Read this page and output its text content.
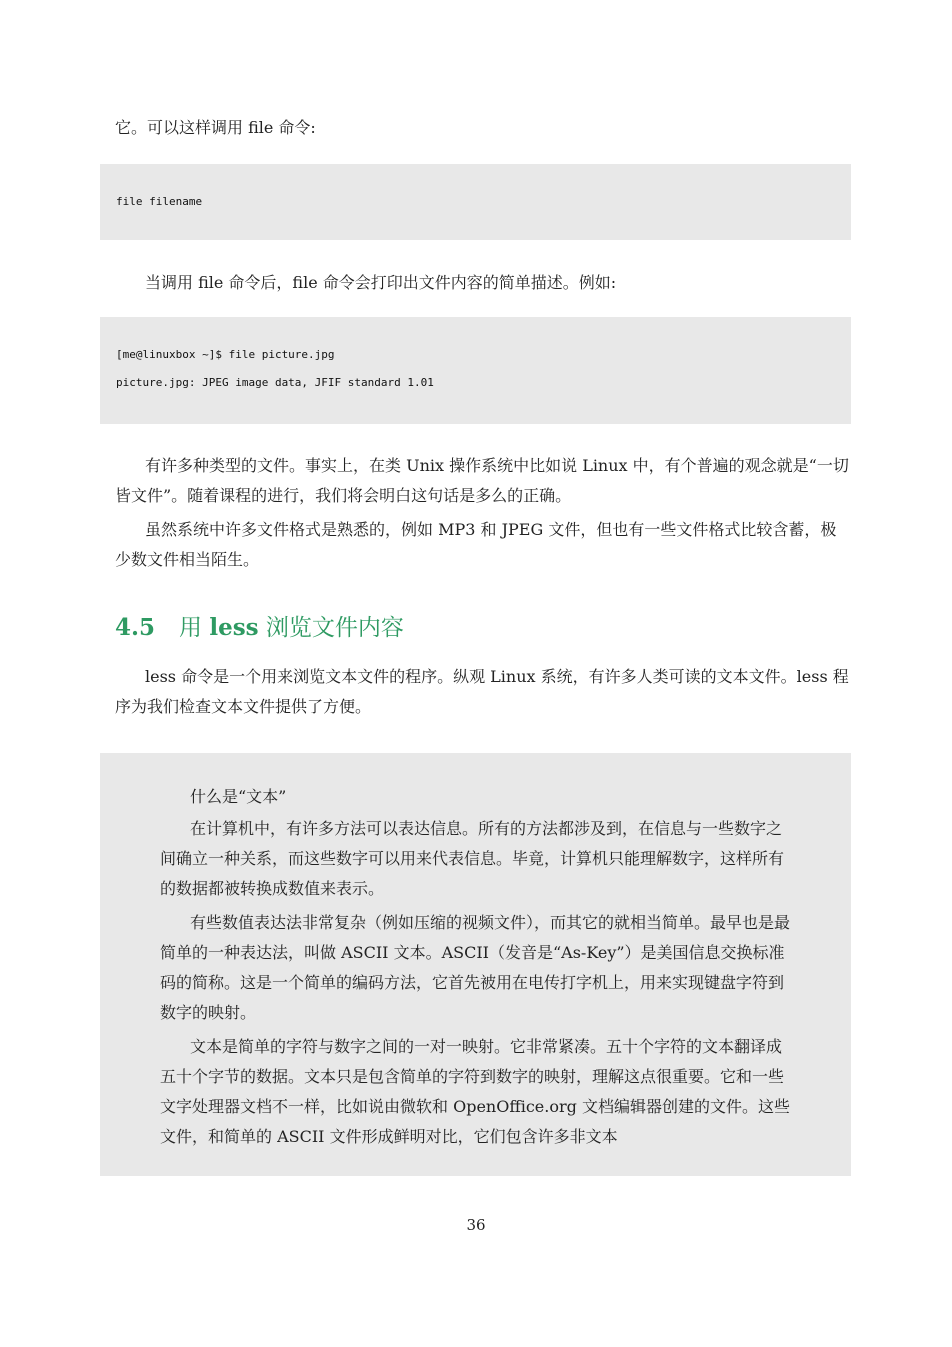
它。可以这样调用 file 命令:

file filename

当调用 file 命令后，file 命令会打印出文件内容的简单描述。例如:

[me@linuxbox ~]$ file picture.jpg
picture.jpg: JPEG image data, JFIF standard 1.01

有许多种类型的文件。事实上，在类 Unix 操作系统中比如说 Linux 中，有个普遍的观念就是“一切皆文件”。随着课程的进行，我们将会明白这句话是多么的正确。

虽然系统中许多文件格式是熟悉的，例如 MP3 和 JPEG 文件，但也有一些文件格式比较含蓄，极少数文件相当陌生。

4.5 用 less 浏览文件内容

less 命令是一个用来浏览文本文件的程序。纵观 Linux 系统，有许多人类可读的文本文件。less 程序为我们检查文本文件提供了方便。

什么是“文本”

在计算机中，有许多方法可以表达信息。所有的方法都涉及到，在信息与一些数字之间确立一种关系，而这些数字可以用来代表信息。毕竟，计算机只能理解数字，这样所有的数据都被转换成数值来表示。

有些数值表达法非常复杂（例如压缩的视频文件），而其它的就相当简单。最早也是最简单的一种表达法，叫做 ASCII 文本。ASCII（发音是“As-Key”）是美国信息交换标准码的简称。这是一个简单的编码方法，它首先被用在电传打字机上，用来实现键盘字符到数字的映射。

文本是简单的字符与数字之间的一对一映射。它非常紧凑。五十个字符的文本翻译成五十个字节的数据。文本只是包含简单的字符到数字的映射，理解这点很重要。它和一些文字处理器文档不一样，比如说由微软和 OpenOffice.org 文档编辑器创建的文件。这些文件，和简单的 ASCII 文件形成鲜明对比，它们包含许多非文本

36
